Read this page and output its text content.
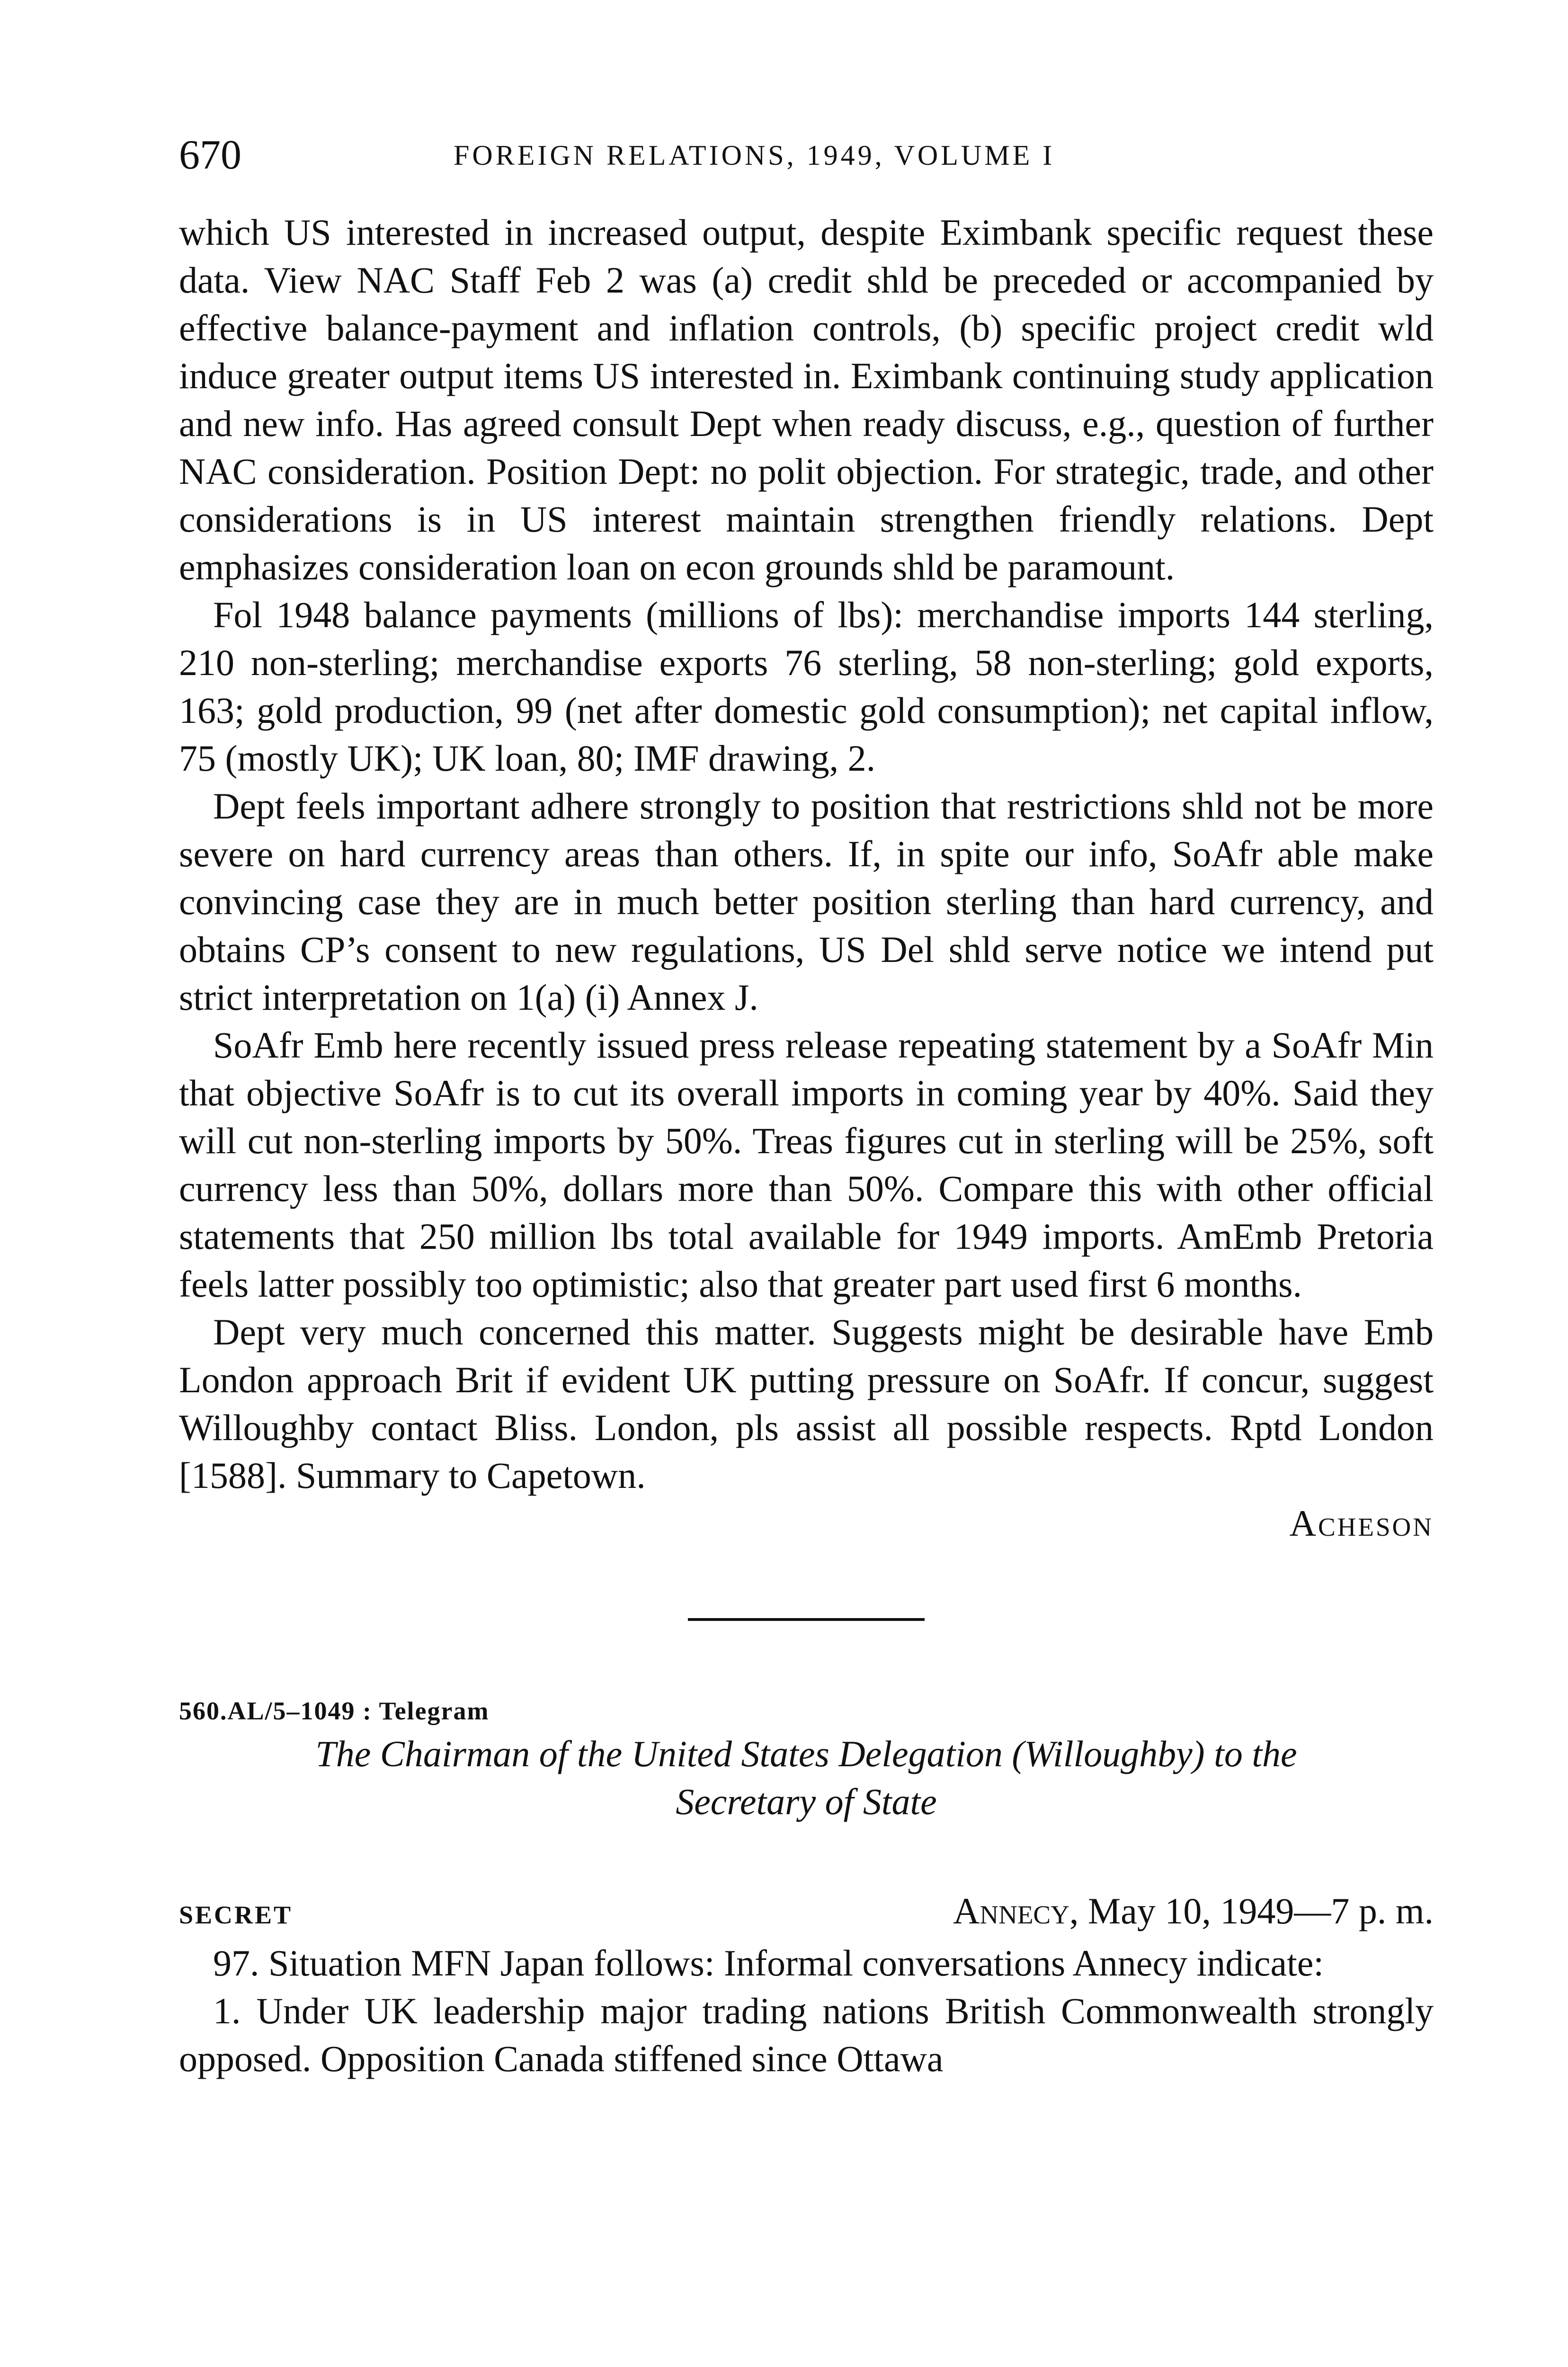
670	FOREIGN RELATIONS, 1949, VOLUME I

which US interested in increased output, despite Eximbank specific request these data. View NAC Staff Feb 2 was (a) credit shld be preceded or accompanied by effective balance-payment and inflation controls, (b) specific project credit wld induce greater output items US interested in. Eximbank continuing study application and new info. Has agreed consult Dept when ready discuss, e.g., question of further NAC consideration. Position Dept: no polit objection. For strategic, trade, and other considerations is in US interest maintain strengthen friendly relations. Dept emphasizes consideration loan on econ grounds shld be paramount.

Fol 1948 balance payments (millions of lbs): merchandise imports 144 sterling, 210 non-sterling; merchandise exports 76 sterling, 58 non-sterling; gold exports, 163; gold production, 99 (net after domestic gold consumption); net capital inflow, 75 (mostly UK); UK loan, 80; IMF drawing, 2.

Dept feels important adhere strongly to position that restrictions shld not be more severe on hard currency areas than others. If, in spite our info, SoAfr able make convincing case they are in much better position sterling than hard currency, and obtains CP’s consent to new regulations, US Del shld serve notice we intend put strict interpretation on 1(a) (i) Annex J.

SoAfr Emb here recently issued press release repeating statement by a SoAfr Min that objective SoAfr is to cut its overall imports in coming year by 40%. Said they will cut non-sterling imports by 50%. Treas figures cut in sterling will be 25%, soft currency less than 50%, dollars more than 50%. Compare this with other official statements that 250 million lbs total available for 1949 imports. AmEmb Pretoria feels latter possibly too optimistic; also that greater part used first 6 months.

Dept very much concerned this matter. Suggests might be desirable have Emb London approach Brit if evident UK putting pressure on SoAfr. If concur, suggest Willoughby contact Bliss. London, pls assist all possible respects. Rptd London [1588]. Summary to Capetown.

Acheson

560.AL/5–1049 : Telegram

The Chairman of the United States Delegation (Willoughby) to the
Secretary of State

SECRET	Annecy, May 10, 1949—7 p. m.

97. Situation MFN Japan follows: Informal conversations Annecy indicate:

1. Under UK leadership major trading nations British Commonwealth strongly opposed. Opposition Canada stiffened since Ottawa
